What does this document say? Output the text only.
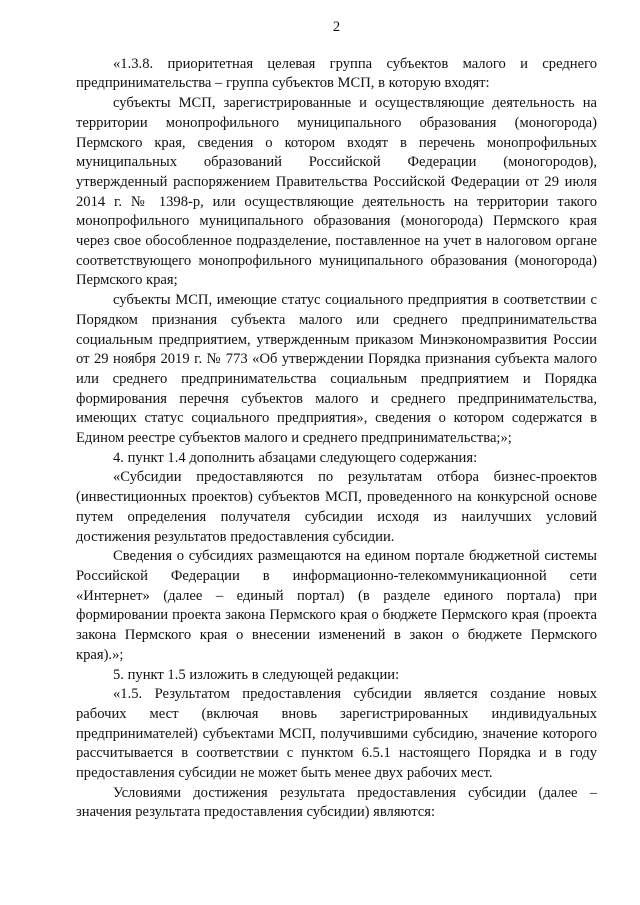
2

«1.3.8. приоритетная целевая группа субъектов малого и среднего предпринимательства – группа субъектов МСП, в которую входят:

субъекты МСП, зарегистрированные и осуществляющие деятельность на территории монопрофильного муниципального образования (моногорода) Пермского края, сведения о котором входят в перечень монопрофильных муниципальных образований Российской Федерации (моногородов), утвержденный распоряжением Правительства Российской Федерации от 29 июля 2014 г. № 1398-р, или осуществляющие деятельность на территории такого монопрофильного муниципального образования (моногорода) Пермского края через свое обособленное подразделение, поставленное на учет в налоговом органе соответствующего монопрофильного муниципального образования (моногорода) Пермского края;

субъекты МСП, имеющие статус социального предприятия в соответствии с Порядком признания субъекта малого или среднего предпринимательства социальным предприятием, утвержденным приказом Минэкономразвития России от 29 ноября 2019 г. № 773 «Об утверждении Порядка признания субъекта малого или среднего предпринимательства социальным предприятием и Порядка формирования перечня субъектов малого и среднего предпринимательства, имеющих статус социального предприятия», сведения о котором содержатся в Едином реестре субъектов малого и среднего предпринимательства;»;

4. пункт 1.4 дополнить абзацами следующего содержания:

«Субсидии предоставляются по результатам отбора бизнес-проектов (инвестиционных проектов) субъектов МСП, проведенного на конкурсной основе путем определения получателя субсидии исходя из наилучших условий достижения результатов предоставления субсидии.

Сведения о субсидиях размещаются на едином портале бюджетной системы Российской Федерации в информационно-телекоммуникационной сети «Интернет» (далее – единый портал) (в разделе единого портала) при формировании проекта закона Пермского края о бюджете Пермского края (проекта закона Пермского края о внесении изменений в закон о бюджете Пермского края).»;

5. пункт 1.5 изложить в следующей редакции:

«1.5. Результатом предоставления субсидии является создание новых рабочих мест (включая вновь зарегистрированных индивидуальных предпринимателей) субъектами МСП, получившими субсидию, значение которого рассчитывается в соответствии с пунктом 6.5.1 настоящего Порядка и в году предоставления субсидии не может быть менее двух рабочих мест.

Условиями достижения результата предоставления субсидии (далее – значения результата предоставления субсидии) являются:
